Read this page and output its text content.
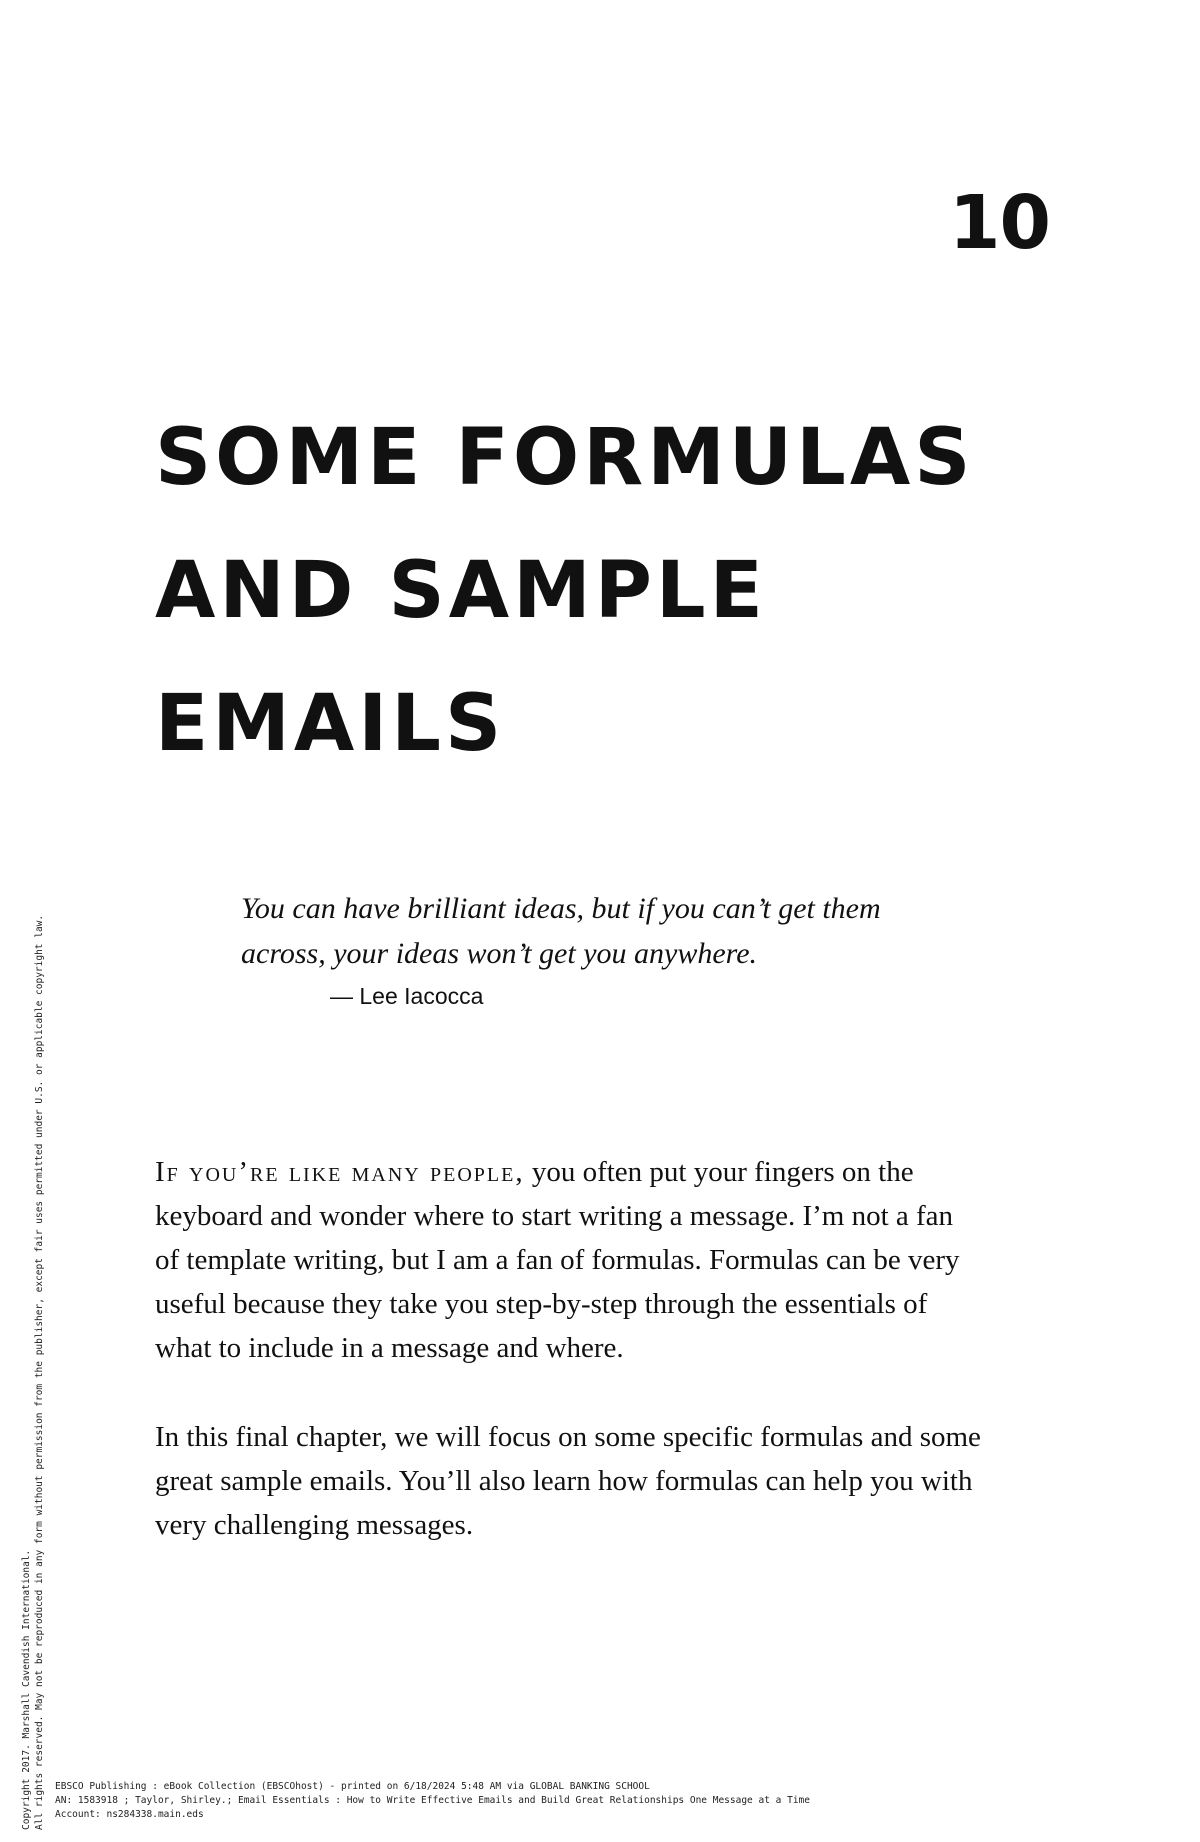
10
SOME FORMULAS
AND SAMPLE
EMAILS
You can have brilliant ideas, but if you can’t get them
across, your ideas won’t get you anywhere.
— Lee Iacocca

If you’re like many people, you often put your fingers on the
keyboard and wonder where to start writing a message. I’m not a fan
of template writing, but I am a fan of formulas. Formulas can be very
useful because they take you step-by-step through the essentials of
what to include in a message and where.

In this final chapter, we will focus on some specific formulas and some
great sample emails. You’ll also learn how formulas can help you with
very challenging messages.

Copyright 2017. Marshall Cavendish International. All rights reserved. May not be reproduced in any form without permission from the publisher, except fair uses permitted under U.S. or applicable copyright law. EBSCO Publishing : eBook Collection (EBSCOhost) - printed on 6/18/2024 5:48 AM via GLOBAL BANKING SCHOOL
AN: 1583918 ; Taylor, Shirley.; Email Essentials : How to Write Effective Emails and Build Great Relationships One Message at a Time
Account: ns284338.main.eds
